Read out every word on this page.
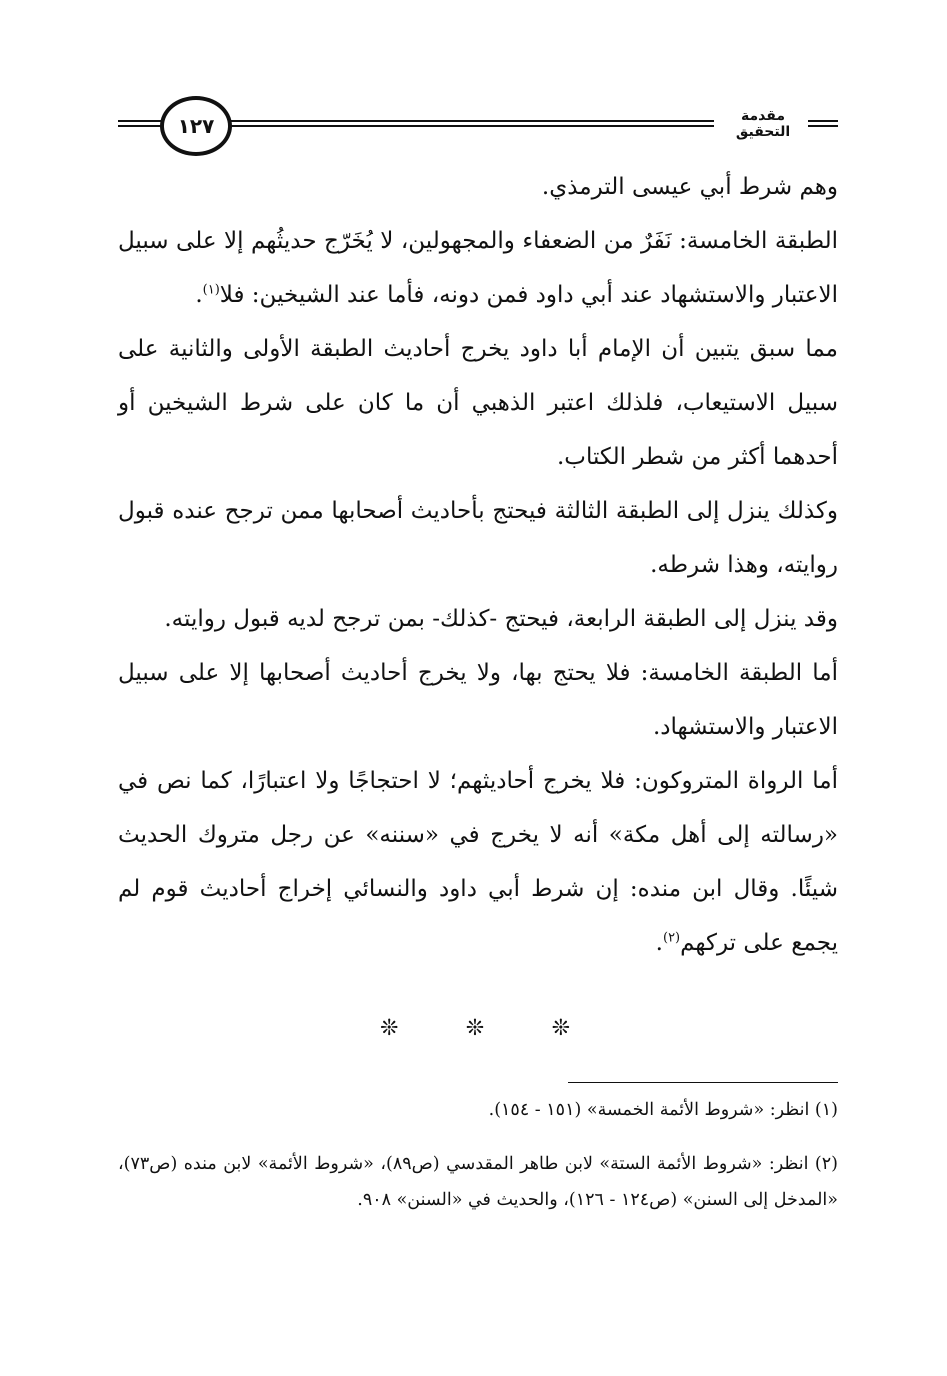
١٢٧	مقدمة التحقيق

وهم شرط أبي عيسى الترمذي.

الطبقة الخامسة: نَفَرٌ من الضعفاء والمجهولين، لا يُخَرّج حديثُهم إلا على سبيل الاعتبار والاستشهاد عند أبي داود فمن دونه، فأما عند الشيخين: فلا$^{(١)}$.

مما سبق يتبين أن الإمام أبا داود يخرج أحاديث الطبقة الأولى والثانية على سبيل الاستيعاب، فلذلك اعتبر الذهبي أن ما كان على شرط الشيخين أو أحدهما أكثر من شطر الكتاب.

وكذلك ينزل إلى الطبقة الثالثة فيحتج بأحاديث أصحابها ممن ترجح عنده قبول روايته، وهذا شرطه.

وقد ينزل إلى الطبقة الرابعة، فيحتج -كذلك- بمن ترجح لديه قبول روايته.

أما الطبقة الخامسة: فلا يحتج بها، ولا يخرج أحاديث أصحابها إلا على سبيل الاعتبار والاستشهاد.

أما الرواة المتروكون: فلا يخرج أحاديثهم؛ لا احتجاجًا ولا اعتبارًا، كما نص في «رسالته إلى أهل مكة» أنه لا يخرج في «سننه» عن رجل متروك الحديث شيئًا. وقال ابن منده: إن شرط أبي داود والنسائي إخراج أحاديث قوم لم يجمع على تركهم$^{(٢)}$.

❊	❊	❊

(١) انظر: «شروط الأئمة الخمسة» (١٥١ - ١٥٤).

(٢) انظر: «شروط الأئمة الستة» لابن طاهر المقدسي (ص٨٩)، «شروط الأئمة» لابن منده (ص٧٣)، «المدخل إلى السنن» (ص١٢٤ - ١٢٦)، والحديث في «السنن» ٩٠٨.
